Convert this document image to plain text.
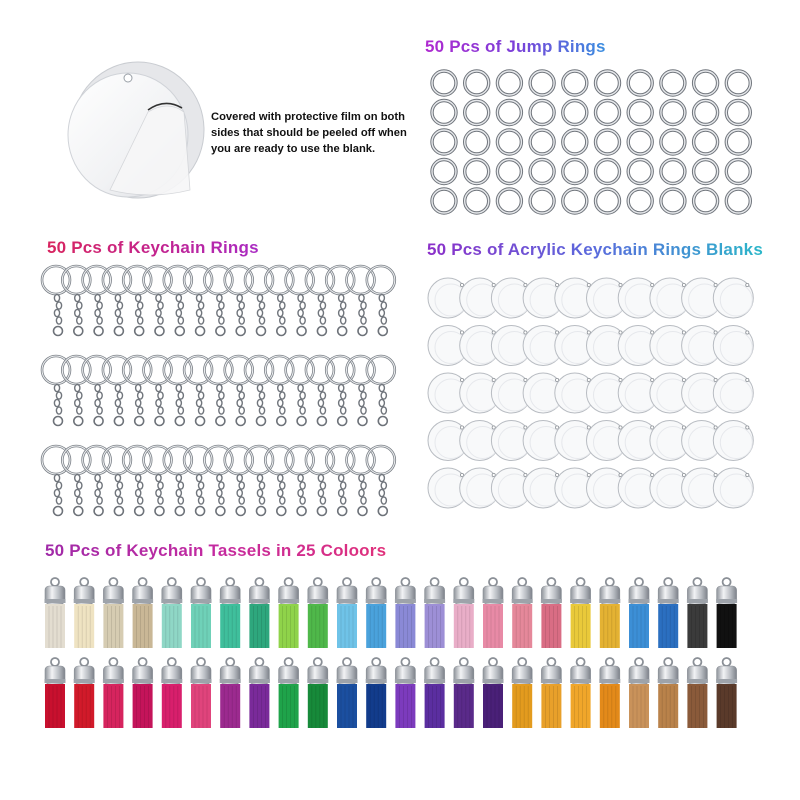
50 Pcs of Jump Rings
50 Pcs of Keychain Rings	50 Pcs of Acrylic Keychain Rings Blanks
50 Pcs of Keychain Tassels in 25 Coloors
Covered with protective film on both sides that should be peeled off when you are ready to use the blank.
